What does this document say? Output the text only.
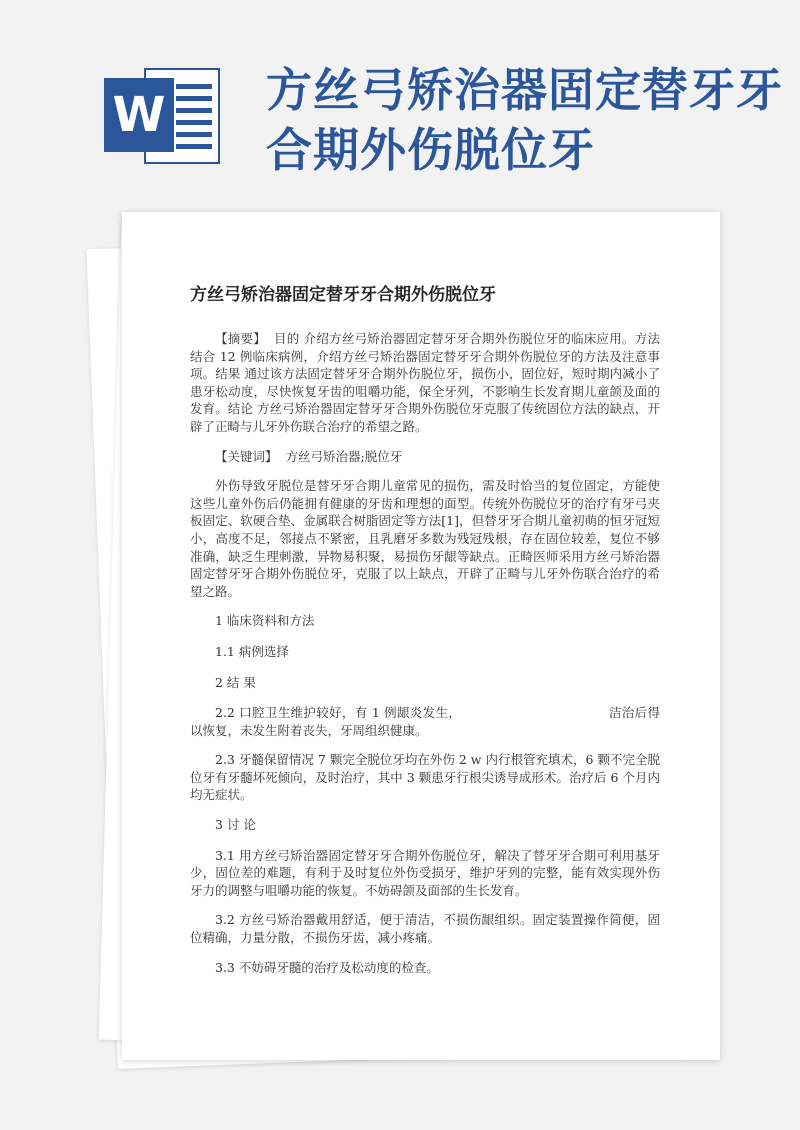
W 方丝弓矫治器固定替牙牙合期外伤脱位牙
方丝弓矫治器固定替牙牙合期外伤脱位牙

【摘要】 目的 介绍方丝弓矫治器固定替牙牙合期外伤脱位牙的临床应用。方法 结合 12 例临床病例，介绍方丝弓矫治器固定替牙牙合期外伤脱位牙的方法及注意事项。结果 通过该方法固定替牙牙合期外伤脱位牙，损伤小，固位好，短时期内减小了患牙松动度，尽快恢复牙齿的咀嚼功能，保全牙列，不影响生长发育期儿童颌及面的发育。结论 方丝弓矫治器固定替牙牙合期外伤脱位牙克服了传统固位方法的缺点，开辟了正畸与儿牙外伤联合治疗的希望之路。

【关键词】 方丝弓矫治器;脱位牙

外伤导致牙脱位是替牙牙合期儿童常见的损伤，需及时恰当的复位固定，方能使这些儿童外伤后仍能拥有健康的牙齿和理想的面型。传统外伤脱位牙的治疗有牙弓夹板固定、软硬合垫、金属联合树脂固定等方法[1]，但替牙牙合期儿童初萌的恒牙冠短小，高度不足，邻接点不紧密，且乳磨牙多数为残冠残根，存在固位较差，复位不够准确，缺乏生理刺激，异物易积聚，易损伤牙龈等缺点。正畸医师采用方丝弓矫治器固定替牙牙合期外伤脱位牙，克服了以上缺点，开辟了正畸与儿牙外伤联合治疗的希望之路。

1 临床资料和方法

1.1 病例选择

2 结 果

2.2 口腔卫生维护较好，有 1 例龈炎发生，　　　　　　　　　　　　洁治后得以恢复，未发生附着丧失，牙周组织健康。

2.3 牙髓保留情况 7 颗完全脱位牙均在外伤 2 w 内行根管充填术，6 颗不完全脱位牙有牙髓坏死倾向，及时治疗，其中 3 颗患牙行根尖诱导成形术。治疗后 6 个月内均无症状。

3 讨 论

3.1 用方丝弓矫治器固定替牙牙合期外伤脱位牙，解决了替牙牙合期可利用基牙少，固位差的难题，有利于及时复位外伤受损牙，维护牙列的完整，能有效实现外伤牙力的调整与咀嚼功能的恢复。不妨碍颌及面部的生长发育。

3.2 方丝弓矫治器戴用舒适，便于清洁，不损伤龈组织。固定装置操作简便，固位精确，力量分散，不损伤牙齿，减小疼痛。

3.3 不妨碍牙髓的治疗及松动度的检查。
